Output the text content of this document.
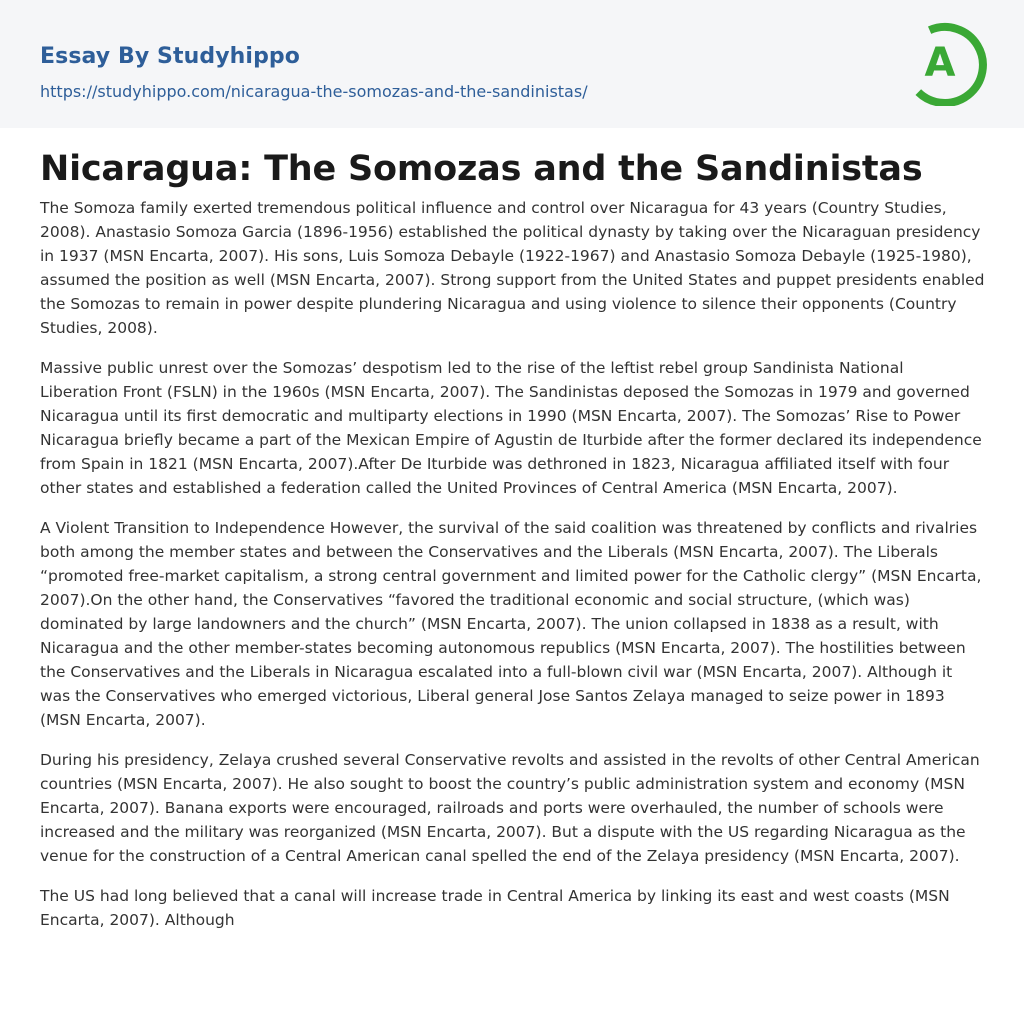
Essay By Studyhippo
https://studyhippo.com/nicaragua-the-somozas-and-the-sandinistas/
A
Nicaragua: The Somozas and the Sandinistas

The Somoza family exerted tremendous political influence and control over Nicaragua for 43 years (Country Studies, 2008). Anastasio Somoza Garcia (1896-1956) established the political dynasty by taking over the Nicaraguan presidency in 1937 (MSN Encarta, 2007). His sons, Luis Somoza Debayle (1922-1967) and Anastasio Somoza Debayle (1925-1980), assumed the position as well (MSN Encarta, 2007). Strong support from the United States and puppet presidents enabled the Somozas to remain in power despite plundering Nicaragua and using violence to silence their opponents (Country Studies, 2008).

Massive public unrest over the Somozas’ despotism led to the rise of the leftist rebel group Sandinista National Liberation Front (FSLN) in the 1960s (MSN Encarta, 2007). The Sandinistas deposed the Somozas in 1979 and governed Nicaragua until its first democratic and multiparty elections in 1990 (MSN Encarta, 2007). The Somozas’ Rise to Power Nicaragua briefly became a part of the Mexican Empire of Agustin de Iturbide after the former declared its independence from Spain in 1821 (MSN Encarta, 2007).After De Iturbide was dethroned in 1823, Nicaragua affiliated itself with four other states and established a federation called the United Provinces of Central America (MSN Encarta, 2007).

A Violent Transition to Independence However, the survival of the said coalition was threatened by conflicts and rivalries both among the member states and between the Conservatives and the Liberals (MSN Encarta, 2007). The Liberals “promoted free-market capitalism, a strong central government and limited power for the Catholic clergy” (MSN Encarta, 2007).On the other hand, the Conservatives “favored the traditional economic and social structure, (which was) dominated by large landowners and the church” (MSN Encarta, 2007). The union collapsed in 1838 as a result, with Nicaragua and the other member-states becoming autonomous republics (MSN Encarta, 2007). The hostilities between the Conservatives and the Liberals in Nicaragua escalated into a full-blown civil war (MSN Encarta, 2007). Although it was the Conservatives who emerged victorious, Liberal general Jose Santos Zelaya managed to seize power in 1893 (MSN Encarta, 2007).

During his presidency, Zelaya crushed several Conservative revolts and assisted in the revolts of other Central American countries (MSN Encarta, 2007). He also sought to boost the country’s public administration system and economy (MSN Encarta, 2007). Banana exports were encouraged, railroads and ports were overhauled, the number of schools were increased and the military was reorganized (MSN Encarta, 2007). But a dispute with the US regarding Nicaragua as the venue for the construction of a Central American canal spelled the end of the Zelaya presidency (MSN Encarta, 2007).

The US had long believed that a canal will increase trade in Central America by linking its east and west coasts (MSN Encarta, 2007). Although
